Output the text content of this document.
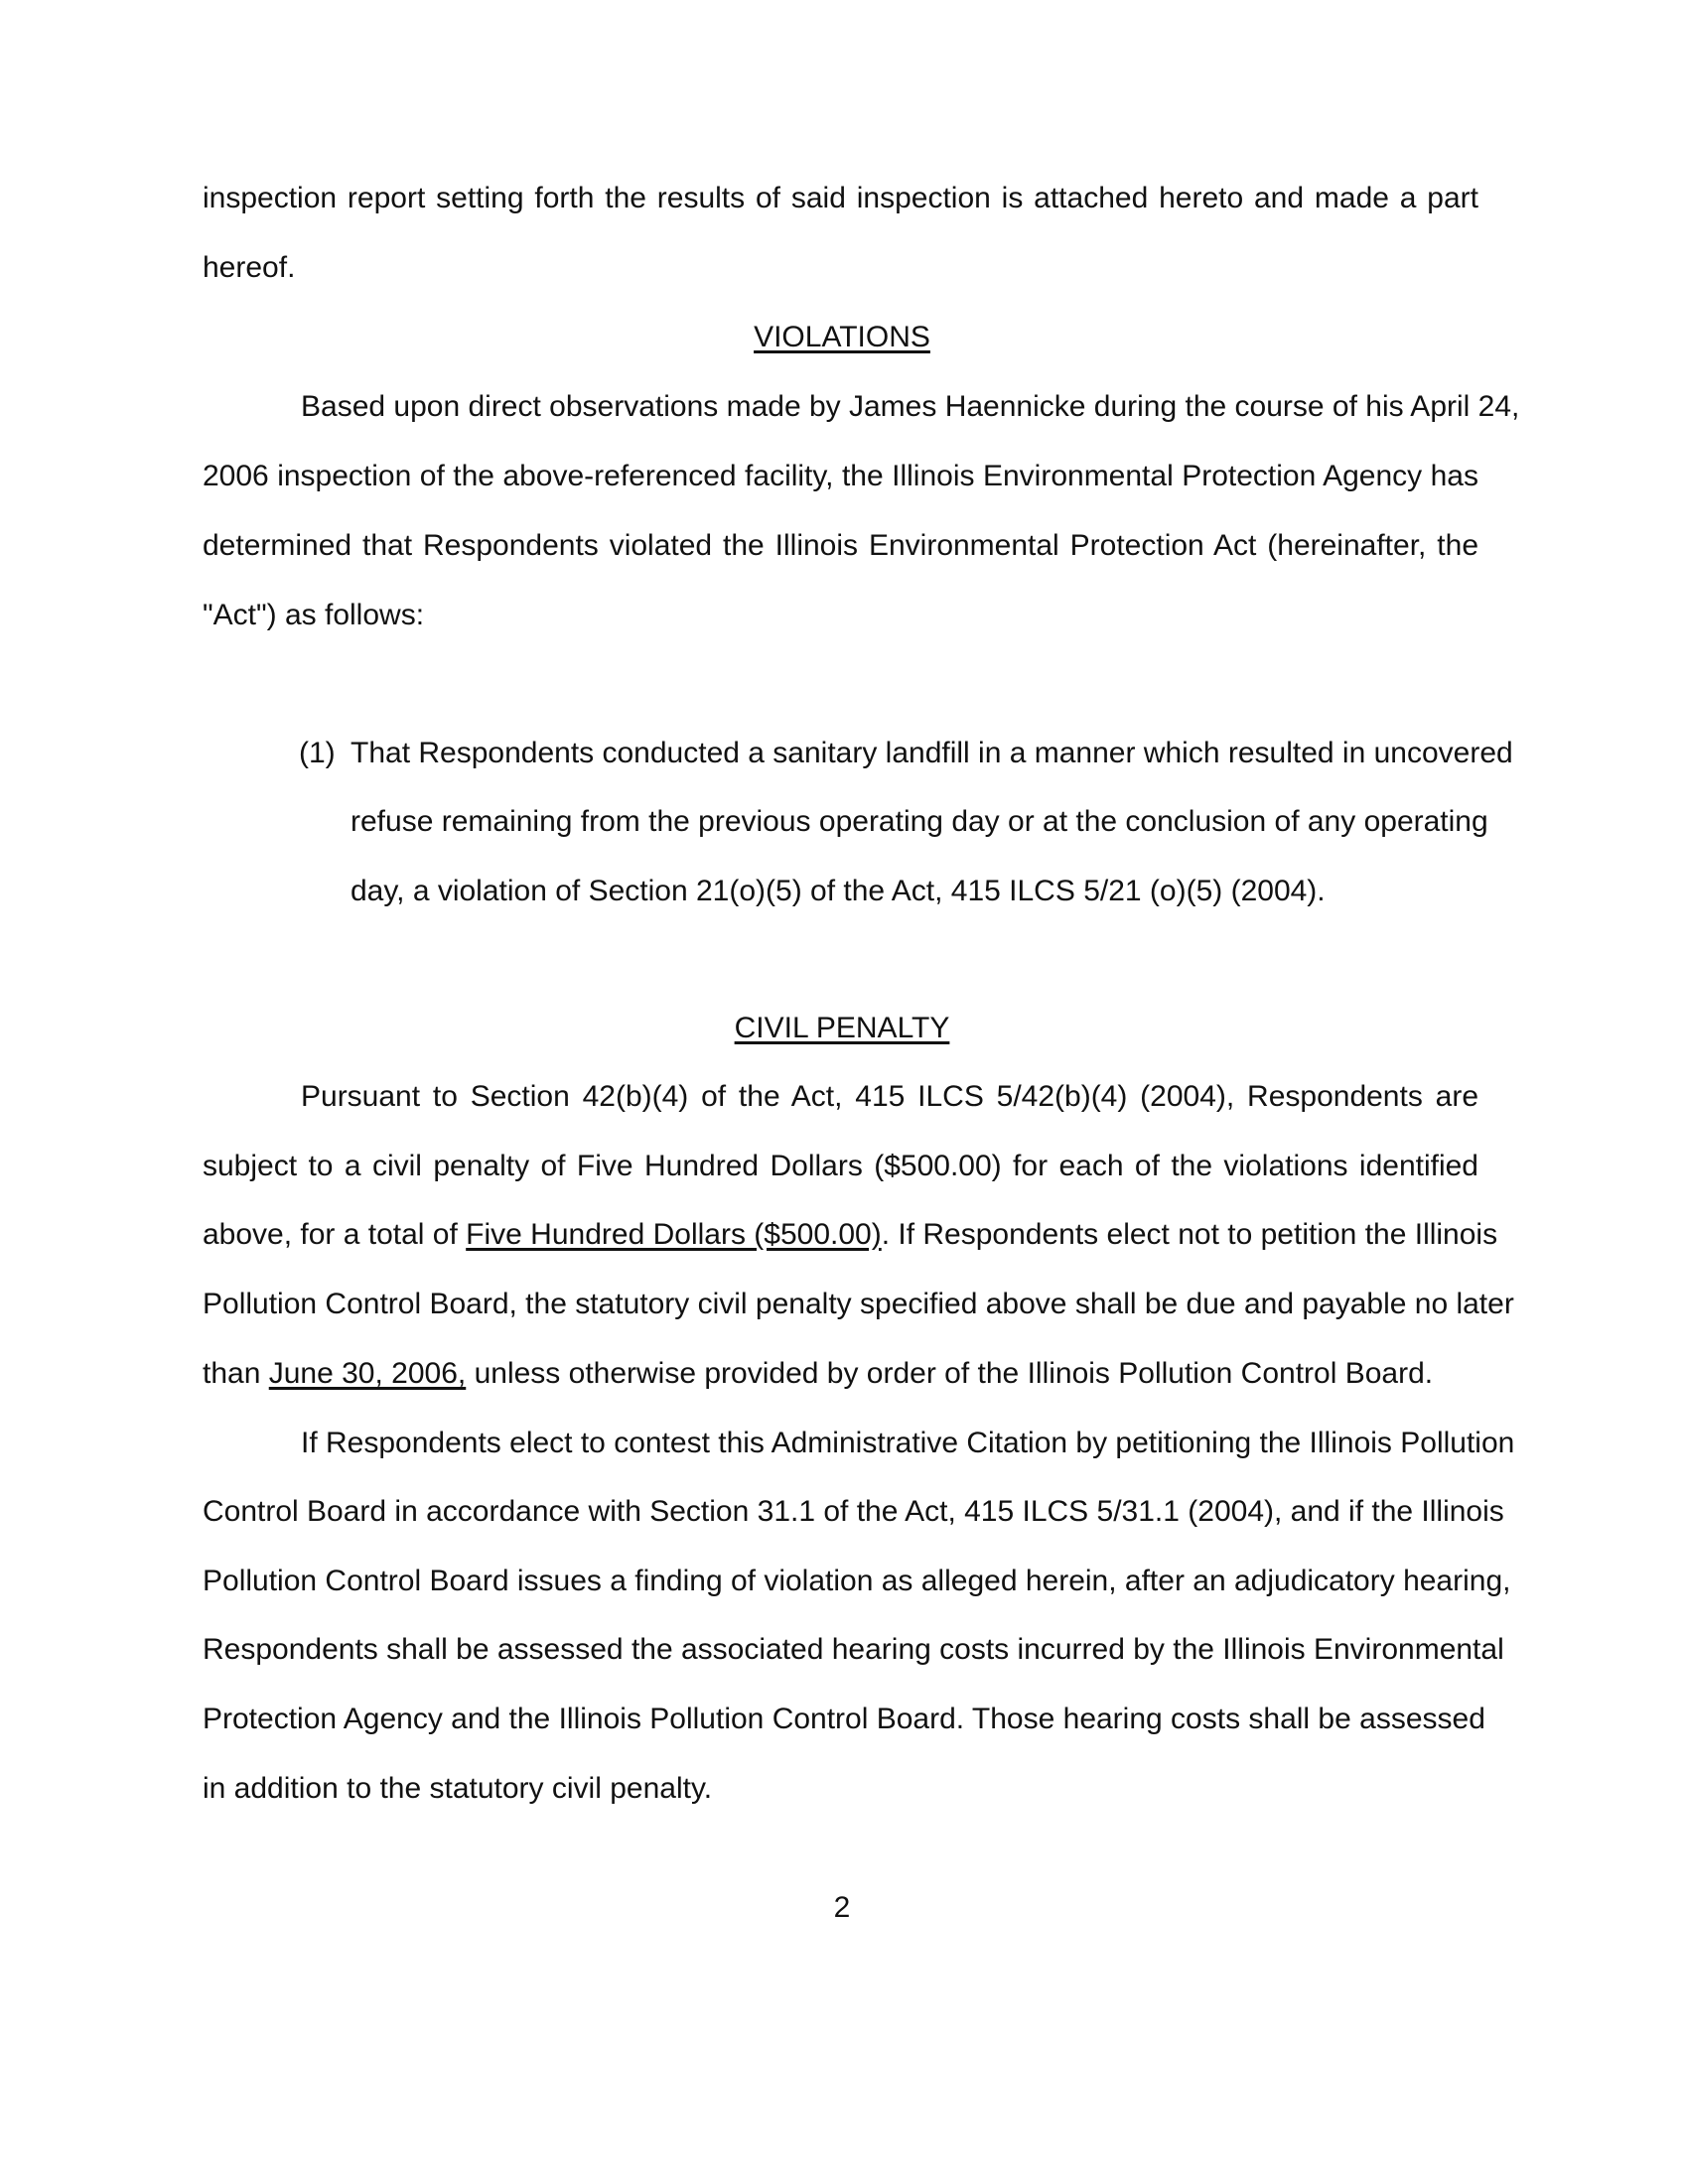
inspection report setting forth the results of said inspection is attached hereto and made a part
hereof.
VIOLATIONS
Based upon direct observations made by James Haennicke during the course of his April 24,
2006 inspection of the above-referenced facility, the Illinois Environmental Protection Agency has
determined that Respondents violated the Illinois Environmental Protection Act (hereinafter, the
"Act") as follows:
(1) That Respondents conducted a sanitary landfill in a manner which resulted in uncovered
refuse remaining from the previous operating day or at the conclusion of any operating
day, a violation of Section 21(o)(5) of the Act, 415 ILCS 5/21 (o)(5) (2004).
CIVIL PENALTY
Pursuant to Section 42(b)(4) of the Act, 415 ILCS 5/42(b)(4) (2004), Respondents are
subject to a civil penalty of Five Hundred Dollars ($500.00) for each of the violations identified
above, for a total of Five Hundred Dollars ($500.00). If Respondents elect not to petition the Illinois
Pollution Control Board, the statutory civil penalty specified above shall be due and payable no later
than June 30, 2006, unless otherwise provided by order of the Illinois Pollution Control Board.
If Respondents elect to contest this Administrative Citation by petitioning the Illinois Pollution
Control Board in accordance with Section 31.1 of the Act, 415 ILCS 5/31.1 (2004), and if the Illinois
Pollution Control Board issues a finding of violation as alleged herein, after an adjudicatory hearing,
Respondents shall be assessed the associated hearing costs incurred by the Illinois Environmental
Protection Agency and the Illinois Pollution Control Board. Those hearing costs shall be assessed
in addition to the statutory civil penalty.
2
